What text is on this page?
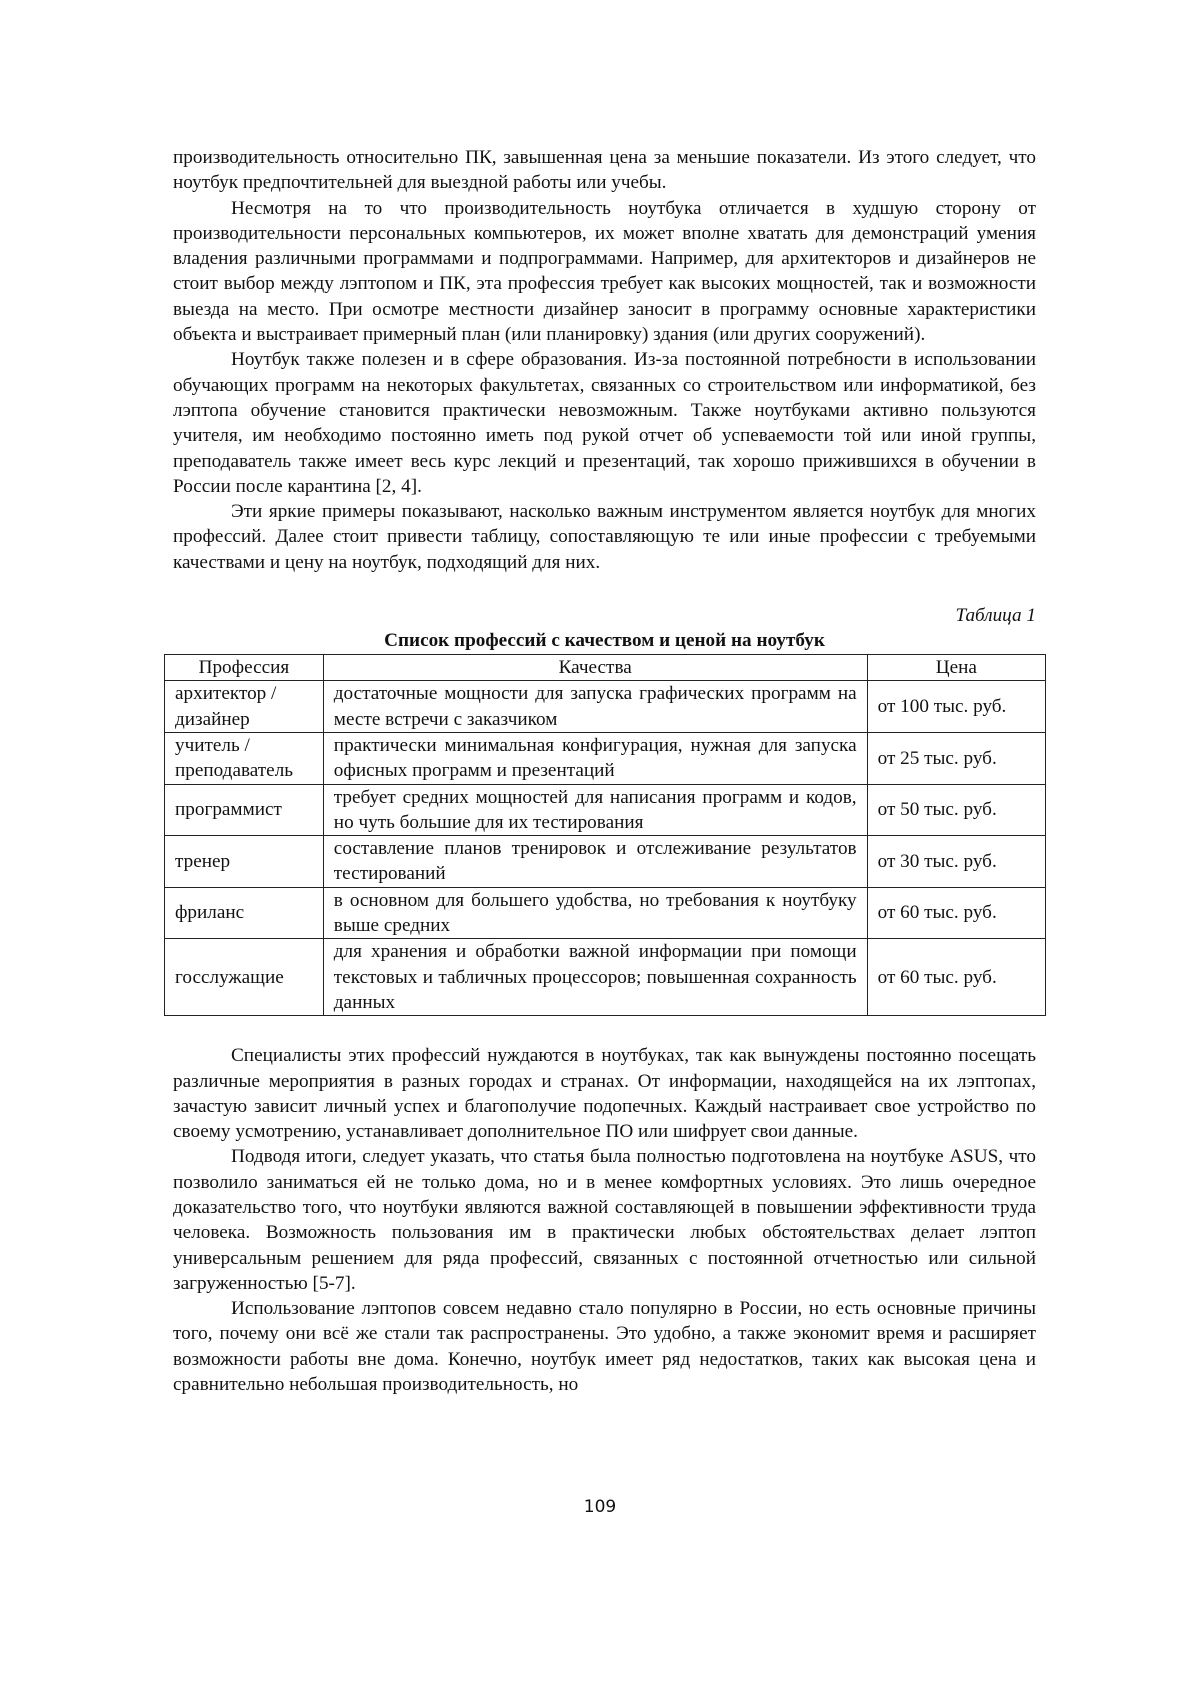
производительность относительно ПК, завышенная цена за меньшие показатели. Из этого следует, что ноутбук предпочтительней для выездной работы или учебы.

Несмотря на то что производительность ноутбука отличается в худшую сторону от производительности персональных компьютеров, их может вполне хватать для демонстраций умения владения различными программами и подпрограммами. Например, для архитекторов и дизайнеров не стоит выбор между лэптопом и ПК, эта профессия требует как высоких мощностей, так и возможности выезда на место. При осмотре местности дизайнер заносит в программу основные характеристики объекта и выстраивает примерный план (или планировку) здания (или других сооружений).

Ноутбук также полезен и в сфере образования. Из-за постоянной потребности в использовании обучающих программ на некоторых факультетах, связанных со строительством или информатикой, без лэптопа обучение становится практически невозможным. Также ноутбуками активно пользуются учителя, им необходимо постоянно иметь под рукой отчет об успеваемости той или иной группы, преподаватель также имеет весь курс лекций и презентаций, так хорошо прижившихся в обучении в России после карантина [2, 4].

Эти яркие примеры показывают, насколько важным инструментом является ноутбук для многих профессий. Далее стоит привести таблицу, сопоставляющую те или иные профессии с требуемыми качествами и цену на ноутбук, подходящий для них.

Таблица 1
Список профессий с качеством и ценой на ноутбук
Профессия	Качества	Цена
архитектор / дизайнер	достаточные мощности для запуска графических программ на месте встречи с заказчиком	от 100 тыс. руб.
учитель / преподаватель	практически минимальная конфигурация, нужная для запуска офисных программ и презентаций	от 25 тыс. руб.
программист	требует средних мощностей для написания программ и кодов, но чуть большие для их тестирования	от 50 тыс. руб.
тренер	составление планов тренировок и отслеживание результатов тестирований	от 30 тыс. руб.
фриланс	в основном для большего удобства, но требования к ноутбуку выше средних	от 60 тыс. руб.
госслужащие	для хранения и обработки важной информации при помощи текстовых и табличных процессоров; повышенная сохранность данных	от 60 тыс. руб.

Специалисты этих профессий нуждаются в ноутбуках, так как вынуждены постоянно посещать различные мероприятия в разных городах и странах. От информации, находящейся на их лэптопах, зачастую зависит личный успех и благополучие подопечных. Каждый настраивает свое устройство по своему усмотрению, устанавливает дополнительное ПО или шифрует свои данные.

Подводя итоги, следует указать, что статья была полностью подготовлена на ноутбуке ASUS, что позволило заниматься ей не только дома, но и в менее комфортных условиях. Это лишь очередное доказательство того, что ноутбуки являются важной составляющей в повышении эффективности труда человека. Возможность пользования им в практически любых обстоятельствах делает лэптоп универсальным решением для ряда профессий, связанных с постоянной отчетностью или сильной загруженностью [5-7].

Использование лэптопов совсем недавно стало популярно в России, но есть основные причины того, почему они всё же стали так распространены. Это удобно, а также экономит время и расширяет возможности работы вне дома. Конечно, ноутбук имеет ряд недостатков, таких как высокая цена и сравнительно небольшая производительность, но

109
